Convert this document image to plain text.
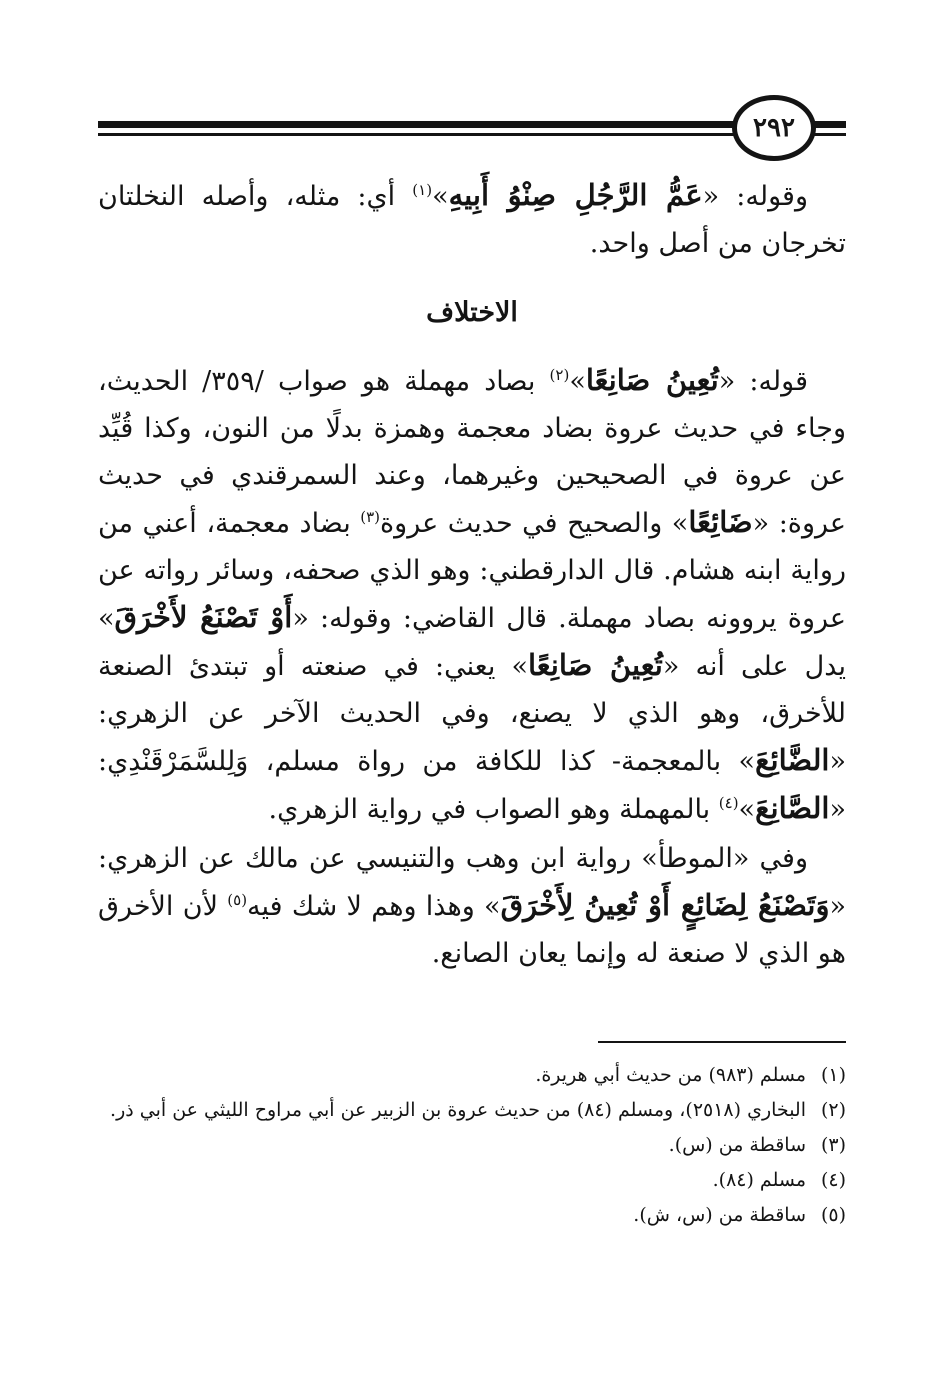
٢٩٢

وقوله: «عَمُّ الرَّجُلِ صِنْوُ أَبِيهِ»$^{(١)}$ أي: مثله، وأصله النخلتان تخرجان من أصل واحد.

الاختلاف

قوله: «تُعِينُ صَانِعًا»$^{(٢)}$ بصاد مهملة هو صواب /٣٥٩/ الحديث، وجاء في حديث عروة بضاد معجمة وهمزة بدلًا من النون، وكذا قُيِّد عن عروة في الصحيحين وغيرهما، وعند السمرقندي في حديث عروة: «ضَائِعًا» والصحيح في حديث عروة$^{(٣)}$ بضاد معجمة، أعني من رواية ابنه هشام. قال الدارقطني: وهو الذي صحفه، وسائر رواته عن عروة يروونه بصاد مهملة. قال القاضي: وقوله: «أَوْ تَصْنَعُ لأَخْرَقَ» يدل على أنه «تُعِينُ صَانِعًا» يعني: في صنعته أو تبتدئ الصنعة للأخرق، وهو الذي لا يصنع، وفي الحديث الآخر عن الزهري: «الضَّائِعَ» بالمعجمة- كذا للكافة من رواة مسلم، وَلِلسَّمَرْقَنْدِي: «الصَّانِعَ»$^{(٤)}$ بالمهملة وهو الصواب في رواية الزهري.

وفي «الموطأ» رواية ابن وهب والتنيسي عن مالك عن الزهري: «وَتَصْنَعُ لِضَائِعٍ أَوْ تُعِينُ لِأَخْرَقَ» وهذا وهم لا شك فيه$^{(٥)}$ لأن الأخرق هو الذي لا صنعة له وإنما يعان الصانع.

(١)
مسلم (٩٨٣) من حديث أبي هريرة.
(٢)
البخاري (٢٥١٨)، ومسلم (٨٤) من حديث عروة بن الزبير عن أبي مراوح الليثي عن أبي ذر.
(٣)
ساقطة من (س).
(٤)
مسلم (٨٤).
(٥)
ساقطة من (س، ش).
